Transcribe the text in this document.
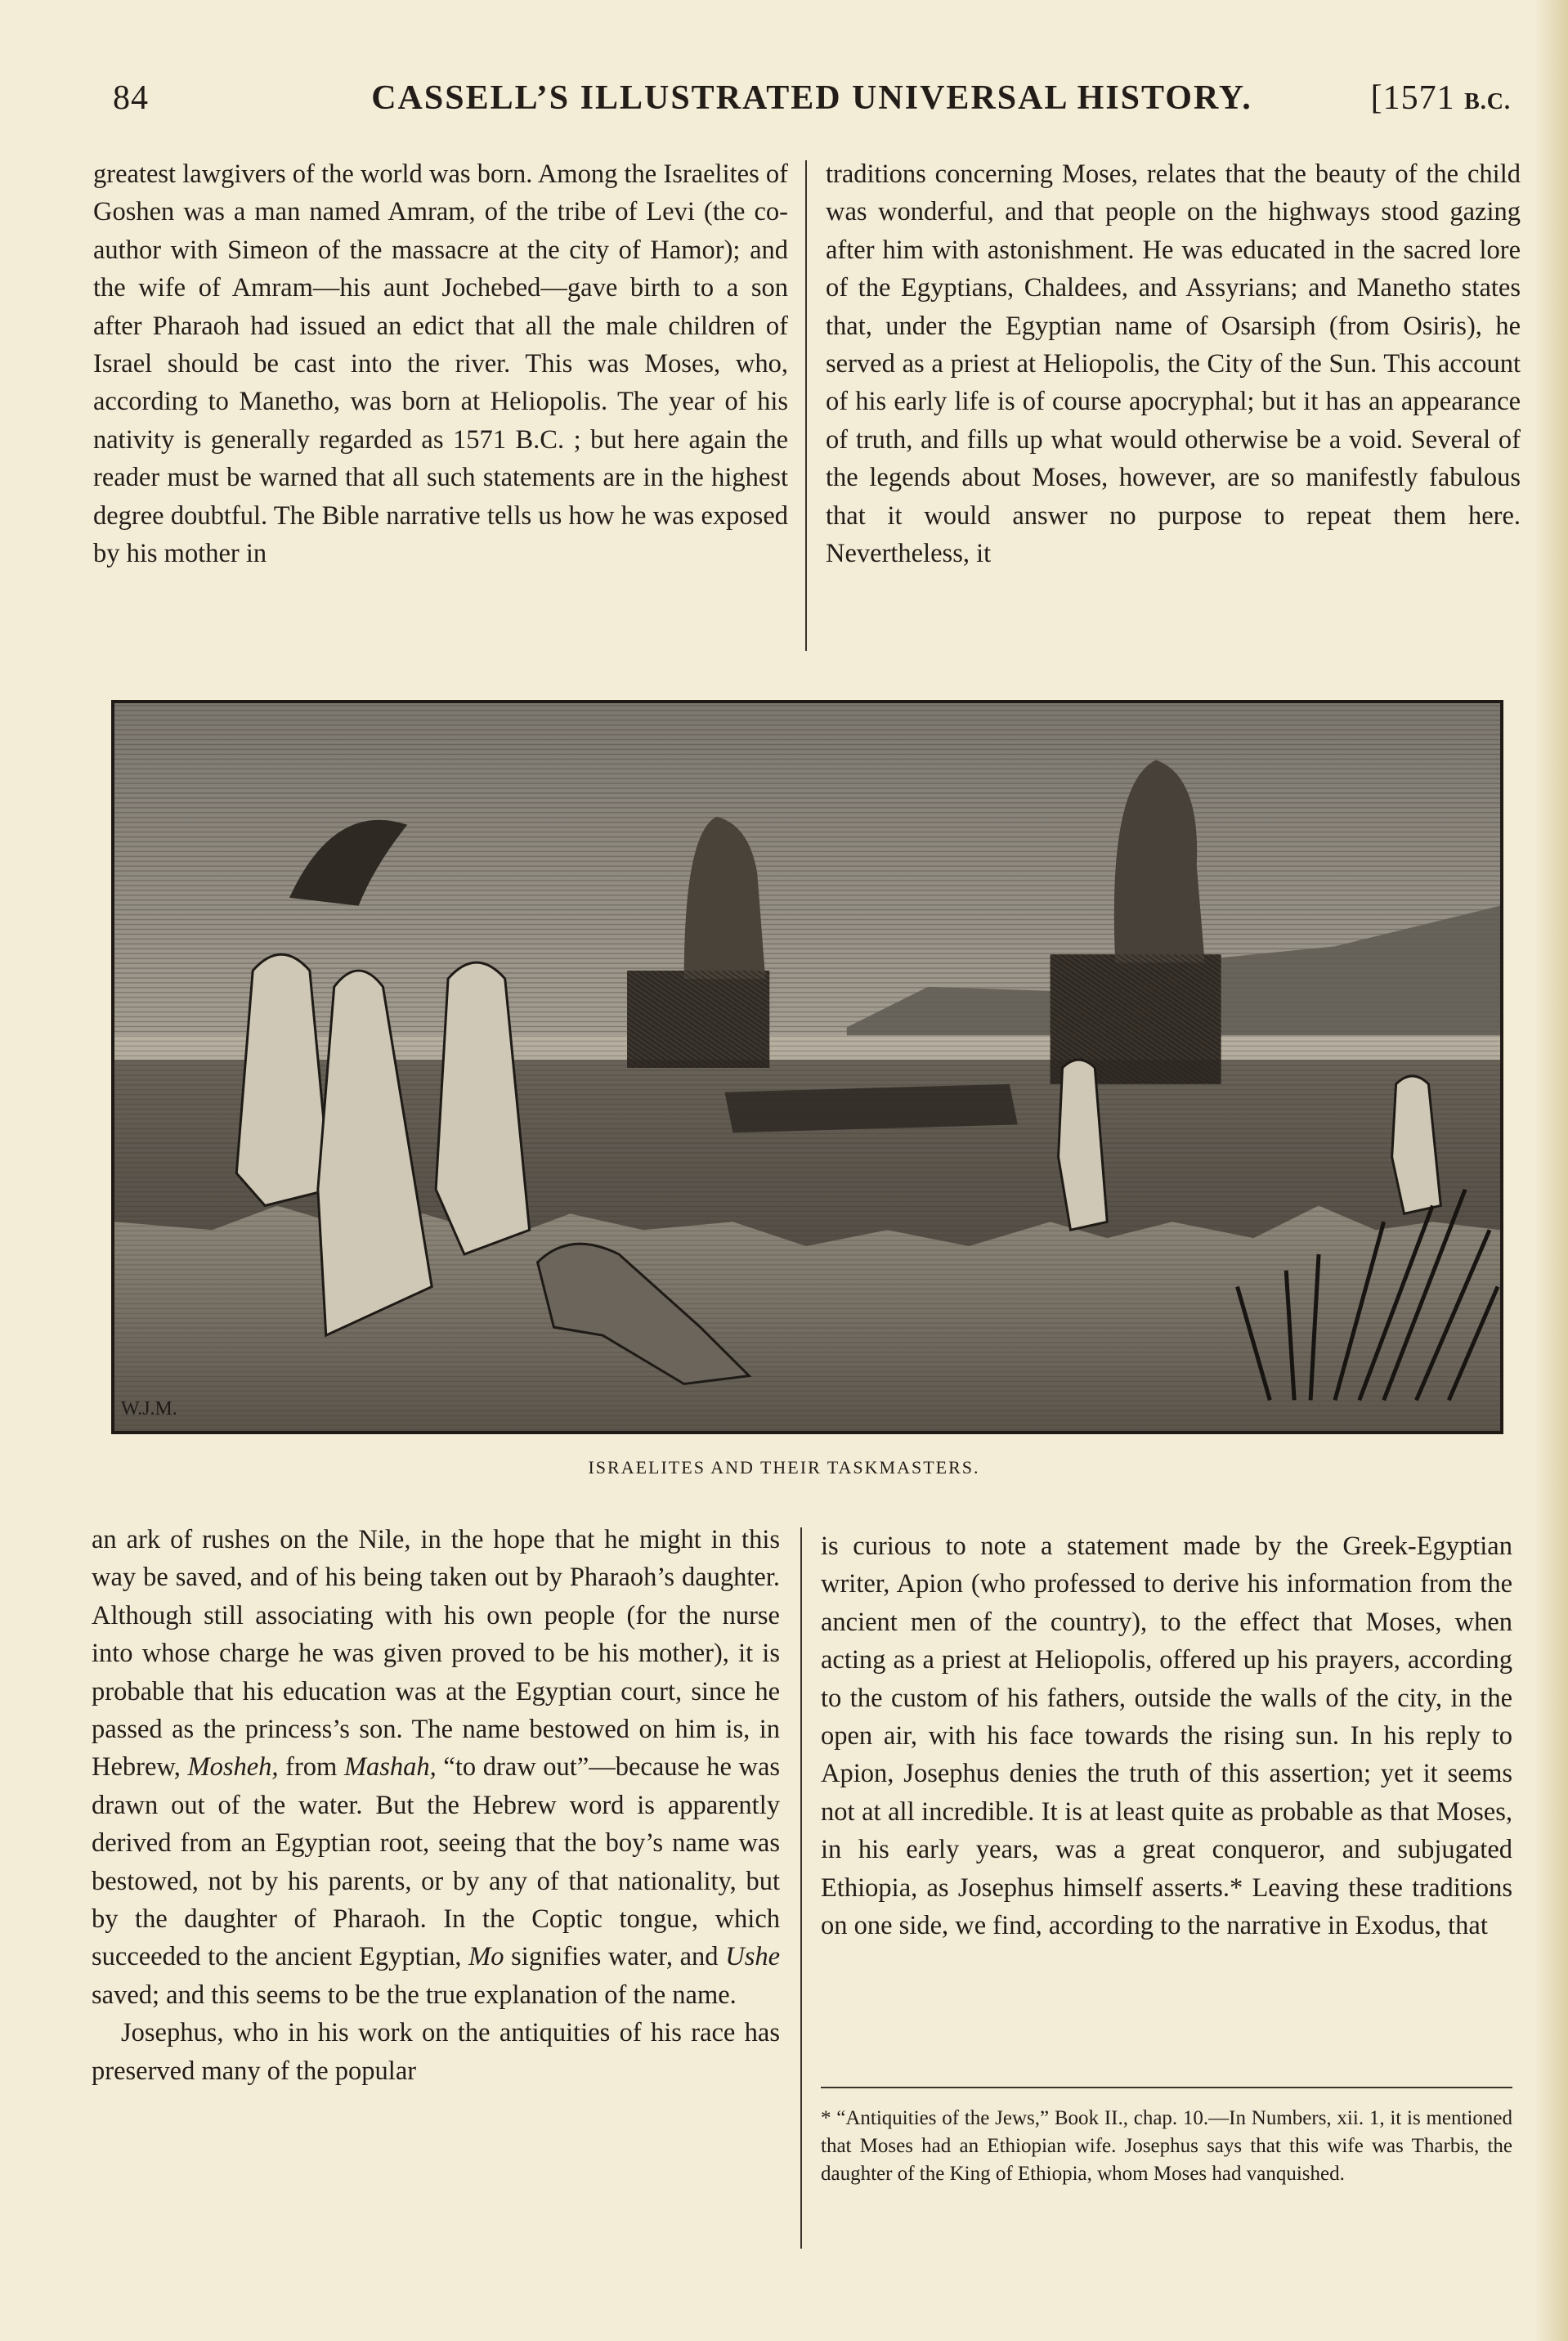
84	CASSELL’S ILLUSTRATED UNIVERSAL HISTORY.	[1571 B.C.

greatest lawgivers of the world was born. Among the Israelites of Goshen was a man named Amram, of the tribe of Levi (the co-author with Simeon of the massacre at the city of Hamor); and the wife of Amram—his aunt Jochebed—gave birth to a son after Pharaoh had issued an edict that all the male children of Israel should be cast into the river. This was Moses, who, according to Manetho, was born at Heliopolis. The year of his nativity is generally regarded as 1571 B.C. ; but here again the reader must be warned that all such statements are in the highest degree doubtful. The Bible narrative tells us how he was exposed by his mother in

traditions concerning Moses, relates that the beauty of the child was wonderful, and that people on the highways stood gazing after him with astonishment. He was educated in the sacred lore of the Egyptians, Chaldees, and Assyrians; and Manetho states that, under the Egyptian name of Osarsiph (from Osiris), he served as a priest at Heliopolis, the City of the Sun. This account of his early life is of course apocryphal; but it has an appearance of truth, and fills up what would otherwise be a void. Several of the legends about Moses, however, are so manifestly fabulous that it would answer no purpose to repeat them here. Nevertheless, it

W.J.M.
ISRAELITES AND THEIR TASKMASTERS.

an ark of rushes on the Nile, in the hope that he might in this way be saved, and of his being taken out by Pharaoh’s daughter. Although still associating with his own people (for the nurse into whose charge he was given proved to be his mother), it is probable that his education was at the Egyptian court, since he passed as the princess’s son. The name bestowed on him is, in Hebrew, Mosheh, from Mashah, “to draw out”—because he was drawn out of the water. But the Hebrew word is apparently derived from an Egyptian root, seeing that the boy’s name was bestowed, not by his parents, or by any of that nationality, but by the daughter of Pharaoh. In the Coptic tongue, which succeeded to the ancient Egyptian, Mo signifies water, and Ushe saved; and this seems to be the true explanation of the name.

Josephus, who in his work on the antiquities of his race has preserved many of the popular

is curious to note a statement made by the Greek-Egyptian writer, Apion (who professed to derive his information from the ancient men of the country), to the effect that Moses, when acting as a priest at Heliopolis, offered up his prayers, according to the custom of his fathers, outside the walls of the city, in the open air, with his face towards the rising sun. In his reply to Apion, Josephus denies the truth of this assertion; yet it seems not at all incredible. It is at least quite as probable as that Moses, in his early years, was a great conqueror, and subjugated Ethiopia, as Josephus himself asserts.* Leaving these traditions on one side, we find, according to the narrative in Exodus, that

* “Antiquities of the Jews,” Book II., chap. 10.—In Numbers, xii. 1, it is mentioned that Moses had an Ethiopian wife. Josephus says that this wife was Tharbis, the daughter of the King of Ethiopia, whom Moses had vanquished.
